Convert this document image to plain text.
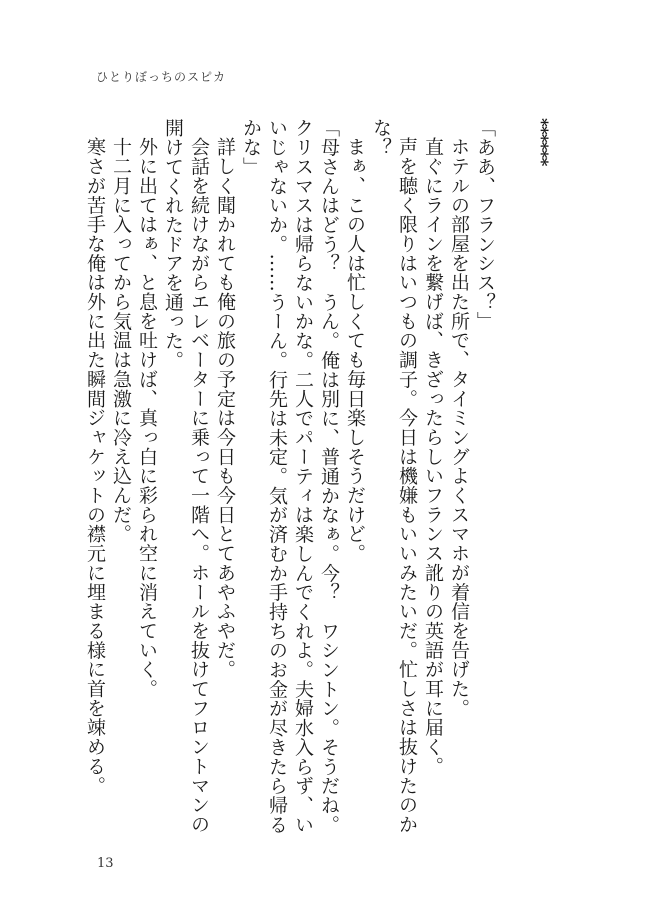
ひとりぼっちのスピカ

******

「ああ、フランシス？」

ホテルの部屋を出た所で、タイミングよくスマホが着信を告げた。

直ぐにラインを繋げば、きざったらしいフランス訛りの英語が耳に届く。

声を聴く限りはいつもの調子。今日は機嫌もいいみたいだ。忙しさは抜けたのかな？

まぁ、この人は忙しくても毎日楽しそうだけど。

「母さんはどう？　うん。俺は別に、普通かなぁ。今？　ワシントン。そうだね。クリスマスは帰らないかな。二人でパーティは楽しんでくれよ。夫婦水入らず、いいじゃないか。……うーん。行先は未定。気が済むか手持ちのお金が尽きたら帰るかな」

詳しく聞かれても俺の旅の予定は今日も今日とてあやふやだ。

会話を続けながらエレベーターに乗って一階へ。ホールを抜けてフロントマンの開けてくれたドアを通った。

外に出てはぁ、と息を吐けば、真っ白に彩られ空に消えていく。

十二月に入ってから気温は急激に冷え込んだ。

寒さが苦手な俺は外に出た瞬間ジャケットの襟元に埋まる様に首を竦める。

13
